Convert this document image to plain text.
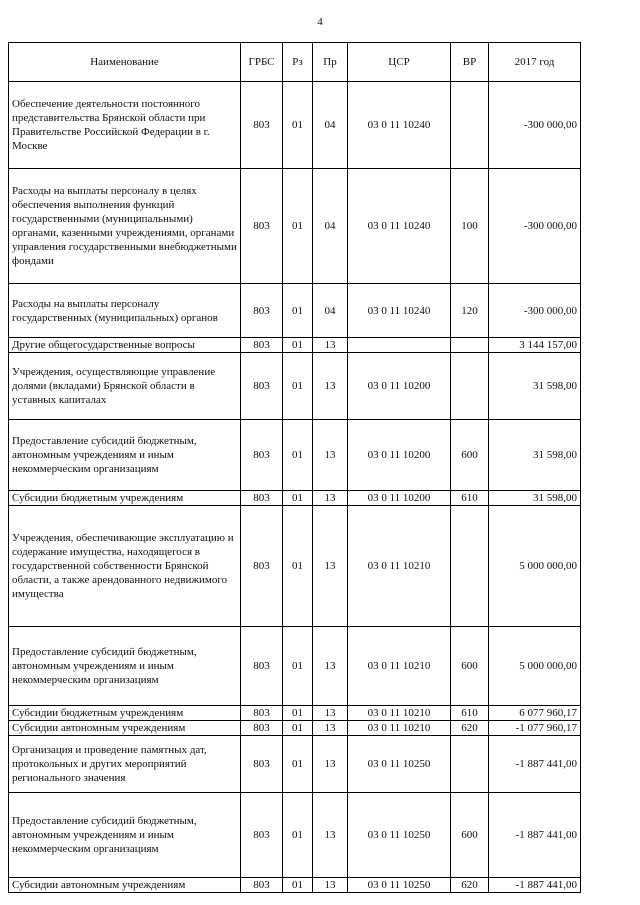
4
Наименование	ГРБС	Рз	Пр	ЦСР	ВР	2017 год
Обеспечение деятельности постоянного представительства Брянской области при Правительстве Российской Федерации в г. Москве	803	01	04	03 0 11 10240		-300 000,00
Расходы на выплаты персоналу в целях обеспечения выполнения функций государственными (муниципальными) органами, казенными учреждениями, органами управления государственными внебюджетными фондами	803	01	04	03 0 11 10240	100	-300 000,00
Расходы на выплаты персоналу государственных (муниципальных) органов	803	01	04	03 0 11 10240	120	-300 000,00
Другие общегосударственные вопросы	803	01	13			3 144 157,00
Учреждения, осуществляющие управление долями (вкладами) Брянской области в уставных капиталах	803	01	13	03 0 11 10200		31 598,00
Предоставление субсидий бюджетным, автономным учреждениям и иным некоммерческим организациям	803	01	13	03 0 11 10200	600	31 598,00
Субсидии бюджетным учреждениям	803	01	13	03 0 11 10200	610	31 598,00
Учреждения, обеспечивающие эксплуатацию и содержание имущества, находящегося в государственной собственности Брянской области, а также арендованного недвижимого имущества	803	01	13	03 0 11 10210		5 000 000,00
Предоставление субсидий бюджетным, автономным учреждениям и иным некоммерческим организациям	803	01	13	03 0 11 10210	600	5 000 000,00
Субсидии бюджетным учреждениям	803	01	13	03 0 11 10210	610	6 077 960,17
Субсидии автономным учреждениям	803	01	13	03 0 11 10210	620	-1 077 960,17
Организация и проведение памятных дат, протокольных и других мероприятий регионального значения	803	01	13	03 0 11 10250		-1 887 441,00
Предоставление субсидий бюджетным, автономным учреждениям и иным некоммерческим организациям	803	01	13	03 0 11 10250	600	-1 887 441,00
Субсидии автономным учреждениям	803	01	13	03 0 11 10250	620	-1 887 441,00
